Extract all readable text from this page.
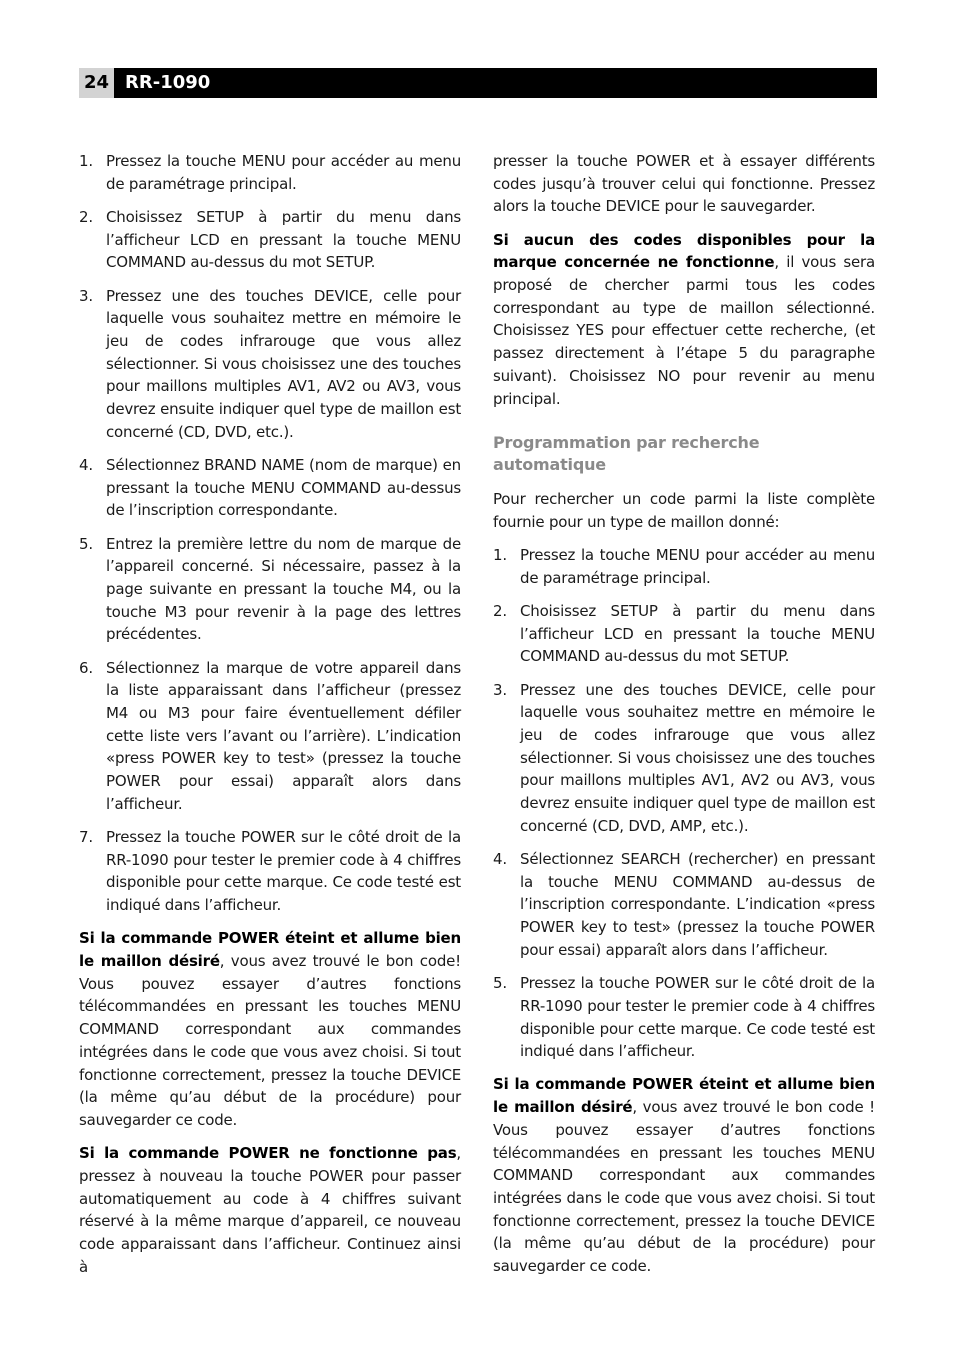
24 RR-1090
1. Pressez la touche MENU pour accéder au menu de paramétrage principal.
2. Choisissez SETUP à partir du menu dans l’afficheur LCD en pressant la touche MENU COMMAND au-dessus du mot SETUP.
3. Pressez une des touches DEVICE, celle pour laquelle vous souhaitez mettre en mémoire le jeu de codes infrarouge que vous allez sélectionner. Si vous choisissez une des touches pour maillons multiples AV1, AV2 ou AV3, vous devrez ensuite indiquer quel type de maillon est concerné (CD, DVD, etc.).
4. Sélectionnez BRAND NAME (nom de marque) en pressant la touche MENU COMMAND au-dessus de l’inscription correspondante.
5. Entrez la première lettre du nom de marque de l’appareil concerné. Si nécessaire, passez à la page suivante en pressant la touche M4, ou la touche M3 pour revenir à la page des lettres précédentes.
6. Sélectionnez la marque de votre appareil dans la liste apparaissant dans l’afficheur (pressez M4 ou M3 pour faire éventuellement défiler cette liste vers l’avant ou l’arrière). L’indication «press POWER key to test» (pressez la touche POWER pour essai) apparaît alors dans l’afficheur.
7. Pressez la touche POWER sur le côté droit de la RR-1090 pour tester le premier code à 4 chiffres disponible pour cette marque. Ce code testé est indiqué dans l’afficheur.

Si la commande POWER éteint et allume bien le maillon désiré, vous avez trouvé le bon code! Vous pouvez essayer d’autres fonctions télécommandées en pressant les touches MENU COMMAND correspondant aux commandes intégrées dans le code que vous avez choisi. Si tout fonctionne correctement, pressez la touche DEVICE (la même qu’au début de la procédure) pour sauvegarder ce code.

Si la commande POWER ne fonctionne pas, pressez à nouveau la touche POWER pour passer automatiquement au code à 4 chiffres suivant réservé à la même marque d’appareil, ce nouveau code apparaissant dans l’afficheur. Continuez ainsi à

presser la touche POWER et à essayer différents codes jusqu’à trouver celui qui fonctionne. Pressez alors la touche DEVICE pour le sauvegarder.

Si aucun des codes disponibles pour la marque concernée ne fonctionne, il vous sera proposé de chercher parmi tous les codes correspondant au type de maillon sélectionné. Choisissez YES pour effectuer cette recherche, (et passez directement à l’étape 5 du paragraphe suivant). Choisissez NO pour revenir au menu principal.

Programmation par recherche automatique

Pour rechercher un code parmi la liste complète fournie pour un type de maillon donné:

1. Pressez la touche MENU pour accéder au menu de paramétrage principal.
2. Choisissez SETUP à partir du menu dans l’afficheur LCD en pressant la touche MENU COMMAND au-dessus du mot SETUP.
3. Pressez une des touches DEVICE, celle pour laquelle vous souhaitez mettre en mémoire le jeu de codes infrarouge que vous allez sélectionner. Si vous choisissez une des touches pour maillons multiples AV1, AV2 ou AV3, vous devrez ensuite indiquer quel type de maillon est concerné (CD, DVD, AMP, etc.).
4. Sélectionnez SEARCH (rechercher) en pressant la touche MENU COMMAND au-dessus de l’inscription correspondante. L’indication «press POWER key to test» (pressez la touche POWER pour essai) apparaît alors dans l’afficheur.
5. Pressez la touche POWER sur le côté droit de la RR-1090 pour tester le premier code à 4 chiffres disponible pour cette marque. Ce code testé est indiqué dans l’afficheur.

Si la commande POWER éteint et allume bien le maillon désiré, vous avez trouvé le bon code ! Vous pouvez essayer d’autres fonctions télécommandées en pressant les touches MENU COMMAND correspondant aux commandes intégrées dans le code que vous avez choisi. Si tout fonctionne correctement, pressez la touche DEVICE (la même qu’au début de la procédure) pour sauvegarder ce code.
